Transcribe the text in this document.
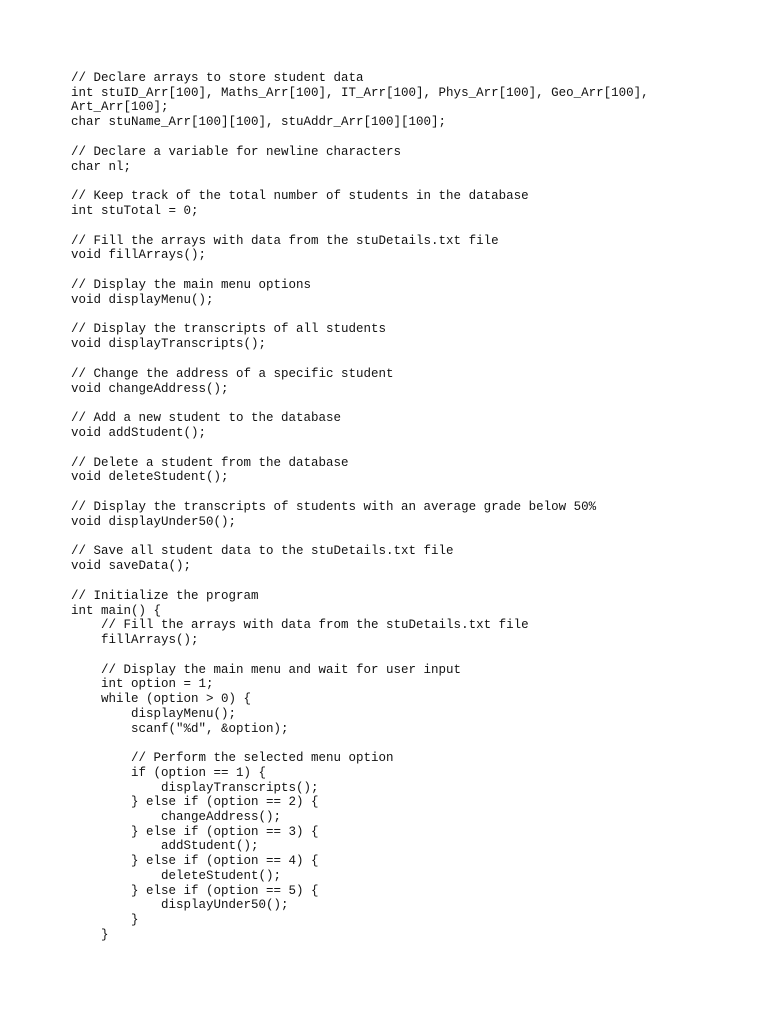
// Declare arrays to store student data
int stuID_Arr[100], Maths_Arr[100], IT_Arr[100], Phys_Arr[100], Geo_Arr[100],
Art_Arr[100];
char stuName_Arr[100][100], stuAddr_Arr[100][100];
// Declare a variable for newline characters
char nl;
// Keep track of the total number of students in the database
int stuTotal = 0;
// Fill the arrays with data from the stuDetails.txt file
void fillArrays();
// Display the main menu options
void displayMenu();
// Display the transcripts of all students
void displayTranscripts();
// Change the address of a specific student
void changeAddress();
// Add a new student to the database
void addStudent();
// Delete a student from the database
void deleteStudent();
// Display the transcripts of students with an average grade below 50%
void displayUnder50();
// Save all student data to the stuDetails.txt file
void saveData();
// Initialize the program
int main() {
// Fill the arrays with data from the stuDetails.txt file
fillArrays();
// Display the main menu and wait for user input
int option = 1;
while (option > 0) {
displayMenu();
scanf("%d", &option);
// Perform the selected menu option
if (option == 1) {
displayTranscripts();
} else if (option == 2) {
changeAddress();
} else if (option == 3) {
addStudent();
} else if (option == 4) {
deleteStudent();
} else if (option == 5) {
displayUnder50();
}
}
